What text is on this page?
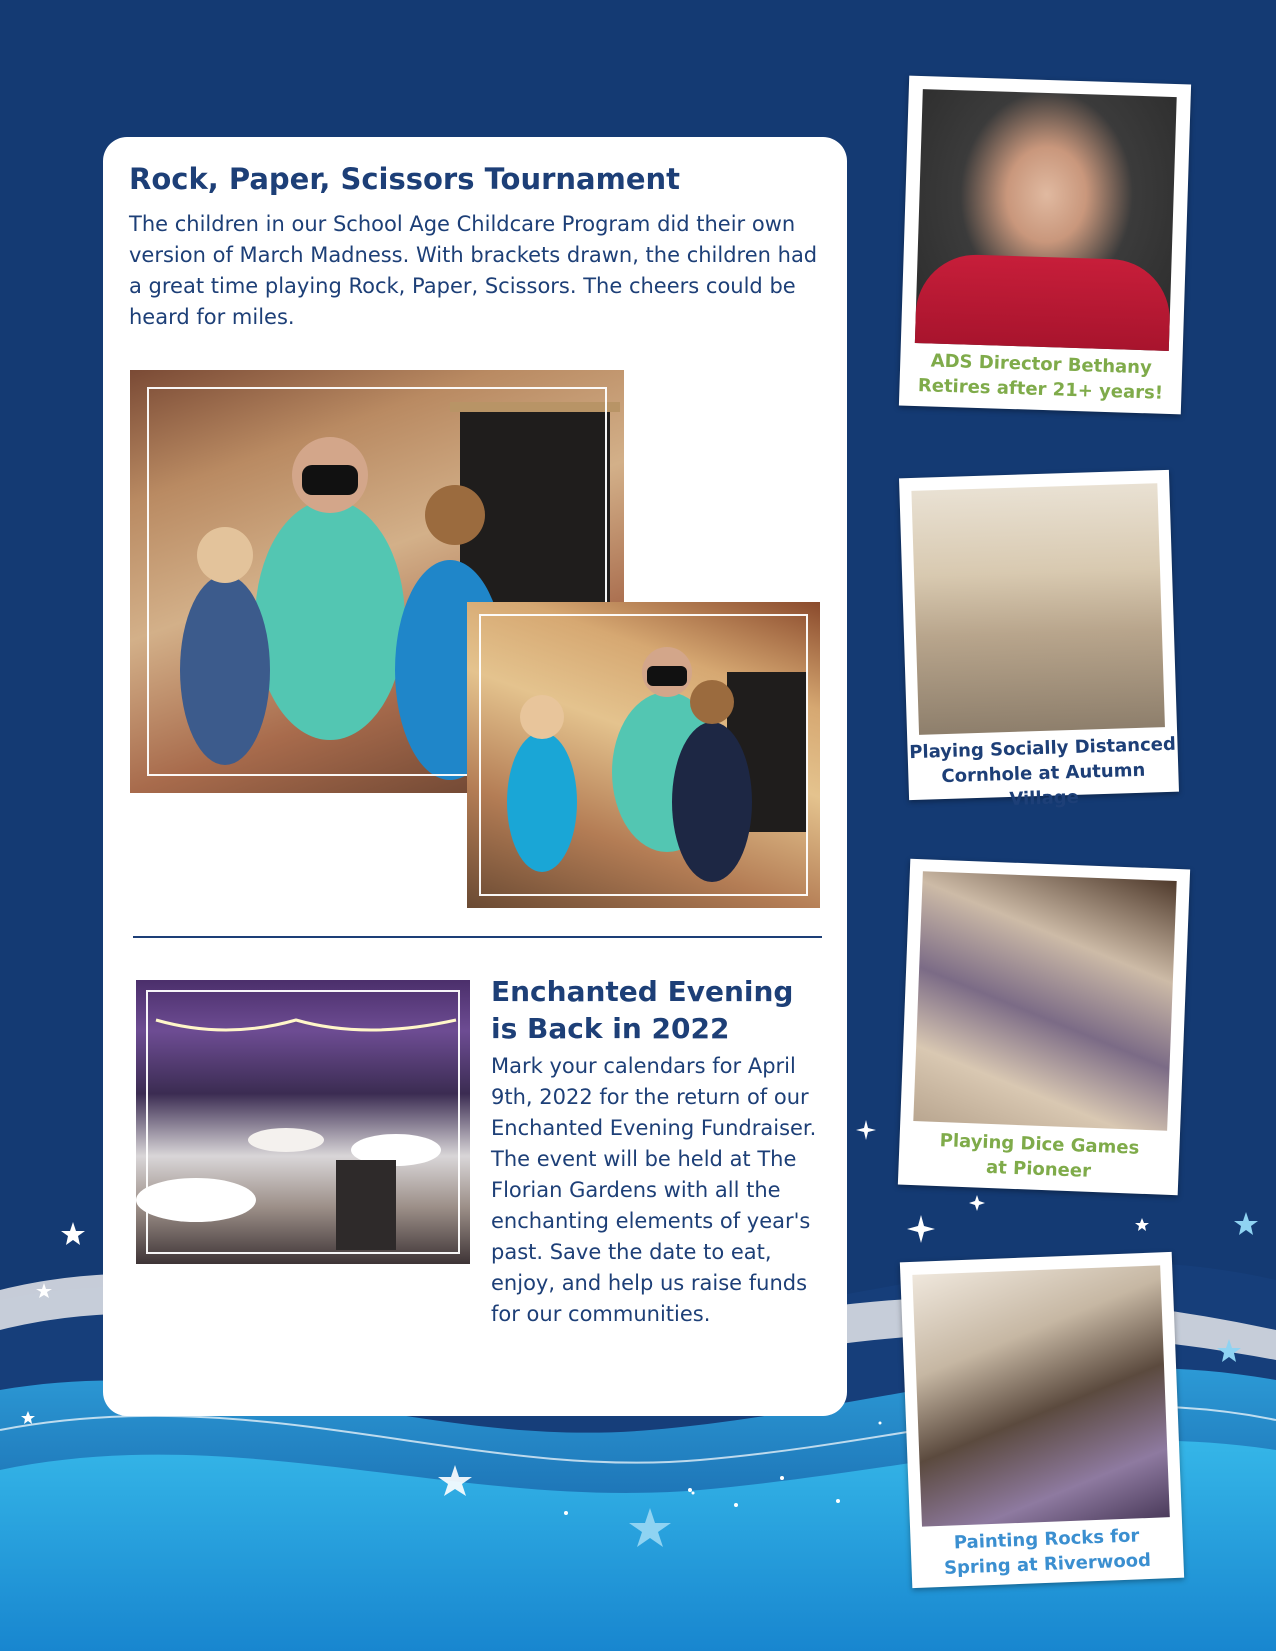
Rock, Paper, Scissors Tournament

The children in our School Age Childcare Program did their own version of March Madness. With brackets drawn, the children had a great time playing Rock, Paper, Scissors. The cheers could be heard for miles.

Enchanted Evening is Back in 2022

Mark your calendars for April 9th, 2022 for the return of our Enchanted Evening Fundraiser. The event will be held at The Florian Gardens with all the enchanting elements of year's past. Save the date to eat, enjoy, and help us raise funds for our communities.

ADS Director Bethany
Retires after 21+ years!

Playing Socially Distanced
Cornhole at Autumn Village

Playing Dice Games
at Pioneer

Painting Rocks for
Spring at Riverwood
